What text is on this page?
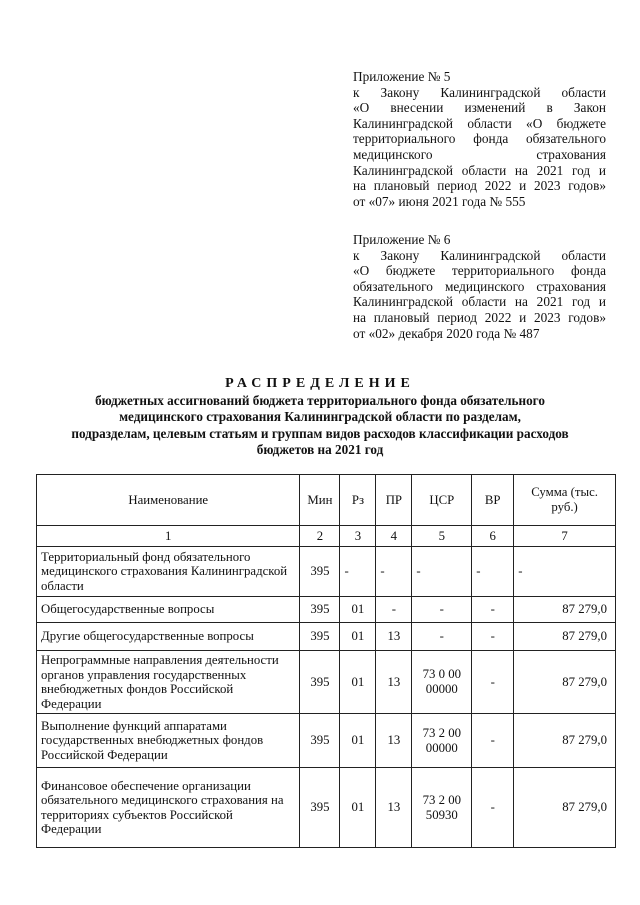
Приложение № 5
к Закону Калининградской области
«О внесении изменений в Закон
Калининградской области «О бюджете
территориального фонда обязательного
медицинского страхования
Калининградской области на 2021 год и
на плановый период 2022 и 2023 годов»
от «07» июня 2021 года № 555
Приложение № 6
к Закону Калининградской области
«О бюджете территориального фонда
обязательного медицинского страхования
Калининградской области на 2021 год и
на плановый период 2022 и 2023 годов»
от «02» декабря 2020 года № 487
РАСПРЕДЕЛЕНИЕ
бюджетных ассигнований бюджета территориального фонда обязательного
медицинского страхования Калининградской области по разделам,
подразделам, целевым статьям и группам видов расходов классификации расходов
бюджетов на 2021 год
Наименование	Мин	Рз	ПР	ЦСР	ВР	Сумма (тыс. руб.)
1	2	3	4	5	6	7
Территориальный фонд обязательного медицинского страхования Калининградской области	395	-	-	-	-	-
Общегосударственные вопросы	395	01	-	-	-	87 279,0
Другие общегосударственные вопросы	395	01	13	-	-	87 279,0
Непрограммные направления деятельности органов управления государственных внебюджетных фондов Российской Федерации	395	01	13	73 0 00 00000	-	87 279,0
Выполнение функций аппаратами государственных внебюджетных фондов Российской Федерации	395	01	13	73 2 00 00000	-	87 279,0
Финансовое обеспечение организации обязательного медицинского страхования на территориях субъектов Российской Федерации	395	01	13	73 2 00 50930	-	87 279,0
